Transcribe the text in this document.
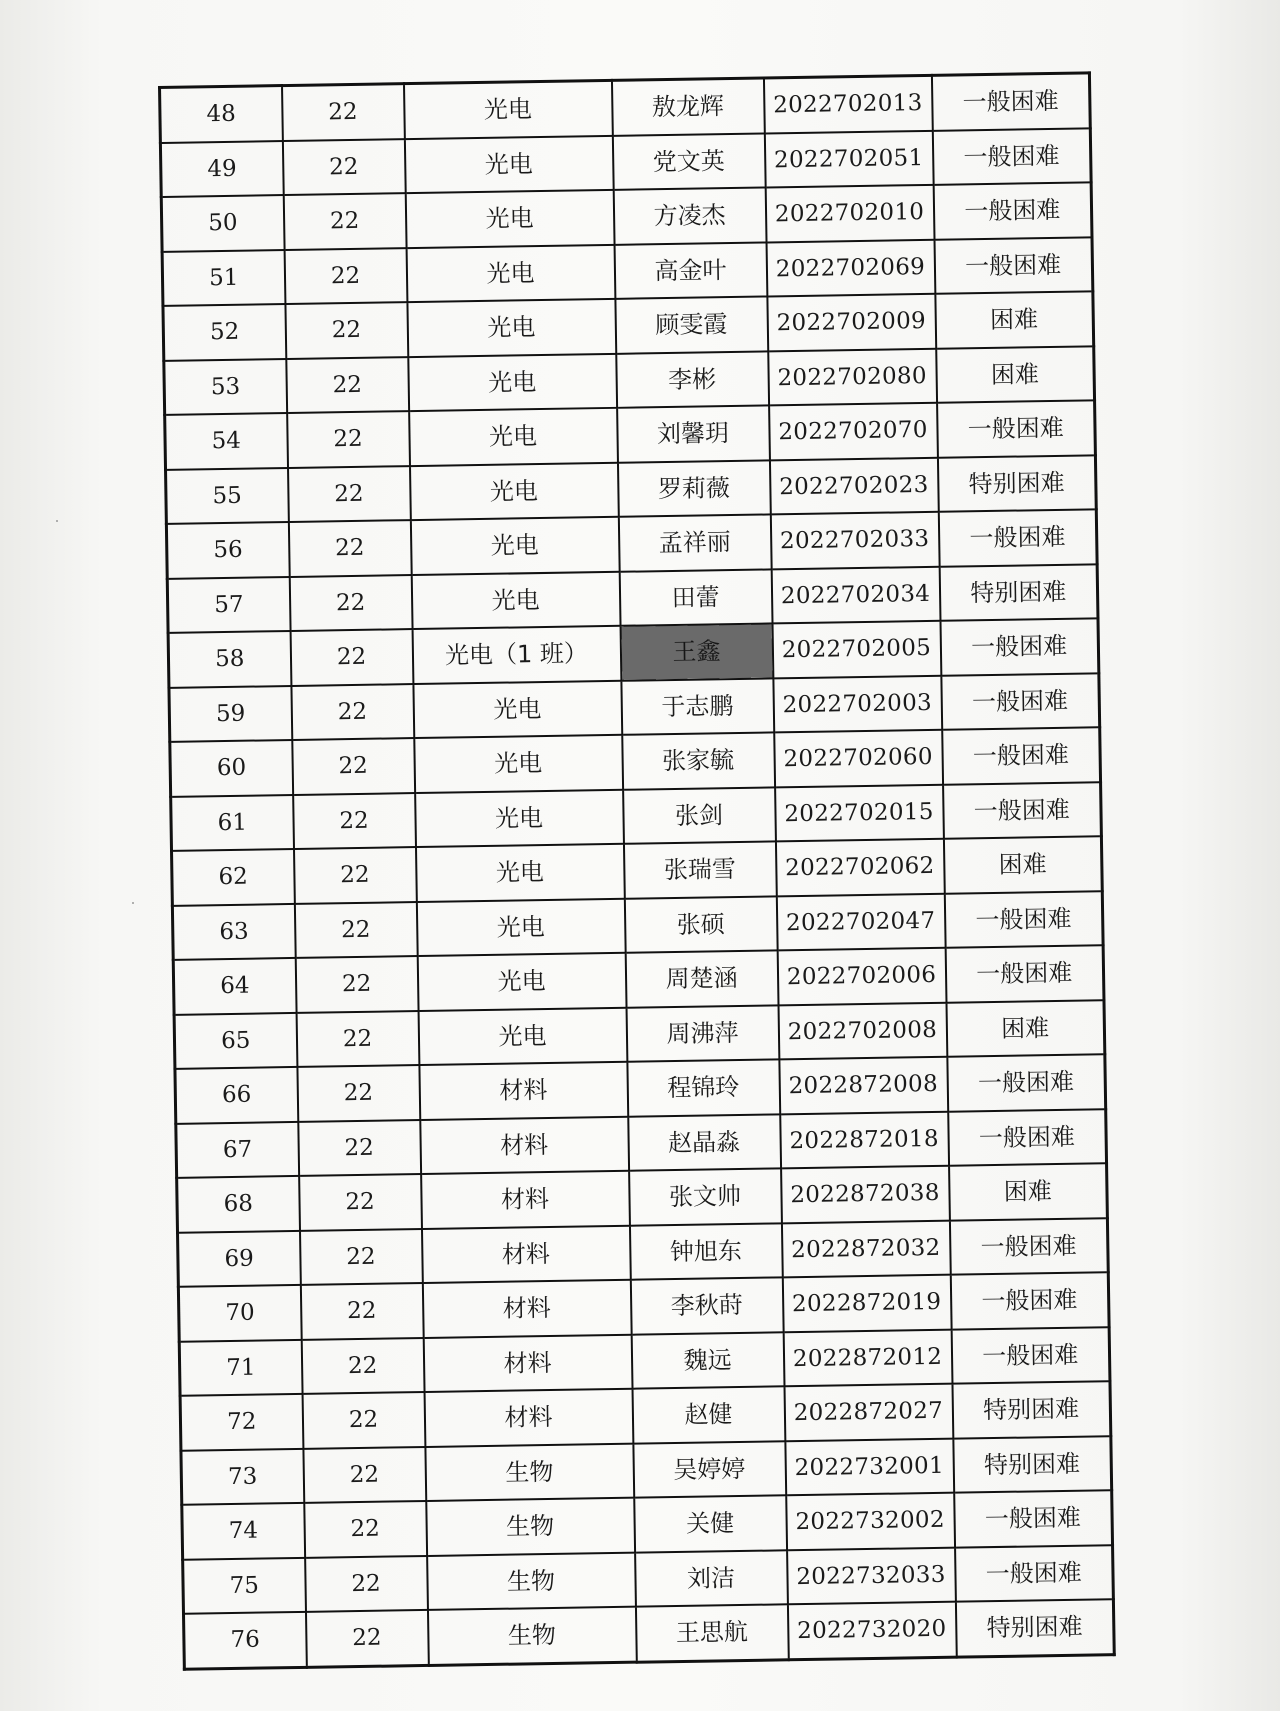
48	22	光电	敖龙辉	2022702013	一般困难
49	22	光电	党文英	2022702051	一般困难
50	22	光电	方凌杰	2022702010	一般困难
51	22	光电	高金叶	2022702069	一般困难
52	22	光电	顾雯霞	2022702009	困难
53	22	光电	李彬	2022702080	困难
54	22	光电	刘馨玥	2022702070	一般困难
55	22	光电	罗莉薇	2022702023	特别困难
56	22	光电	孟祥丽	2022702033	一般困难
57	22	光电	田蕾	2022702034	特别困难
58	22	光电（1 班）	王鑫	2022702005	一般困难
59	22	光电	于志鹏	2022702003	一般困难
60	22	光电	张家毓	2022702060	一般困难
61	22	光电	张剑	2022702015	一般困难
62	22	光电	张瑞雪	2022702062	困难
63	22	光电	张硕	2022702047	一般困难
64	22	光电	周楚涵	2022702006	一般困难
65	22	光电	周沸萍	2022702008	困难
66	22	材料	程锦玲	2022872008	一般困难
67	22	材料	赵晶淼	2022872018	一般困难
68	22	材料	张文帅	2022872038	困难
69	22	材料	钟旭东	2022872032	一般困难
70	22	材料	李秋莳	2022872019	一般困难
71	22	材料	魏远	2022872012	一般困难
72	22	材料	赵健	2022872027	特别困难
73	22	生物	吴婷婷	2022732001	特别困难
74	22	生物	关健	2022732002	一般困难
75	22	生物	刘洁	2022732033	一般困难
76	22	生物	王思航	2022732020	特别困难
